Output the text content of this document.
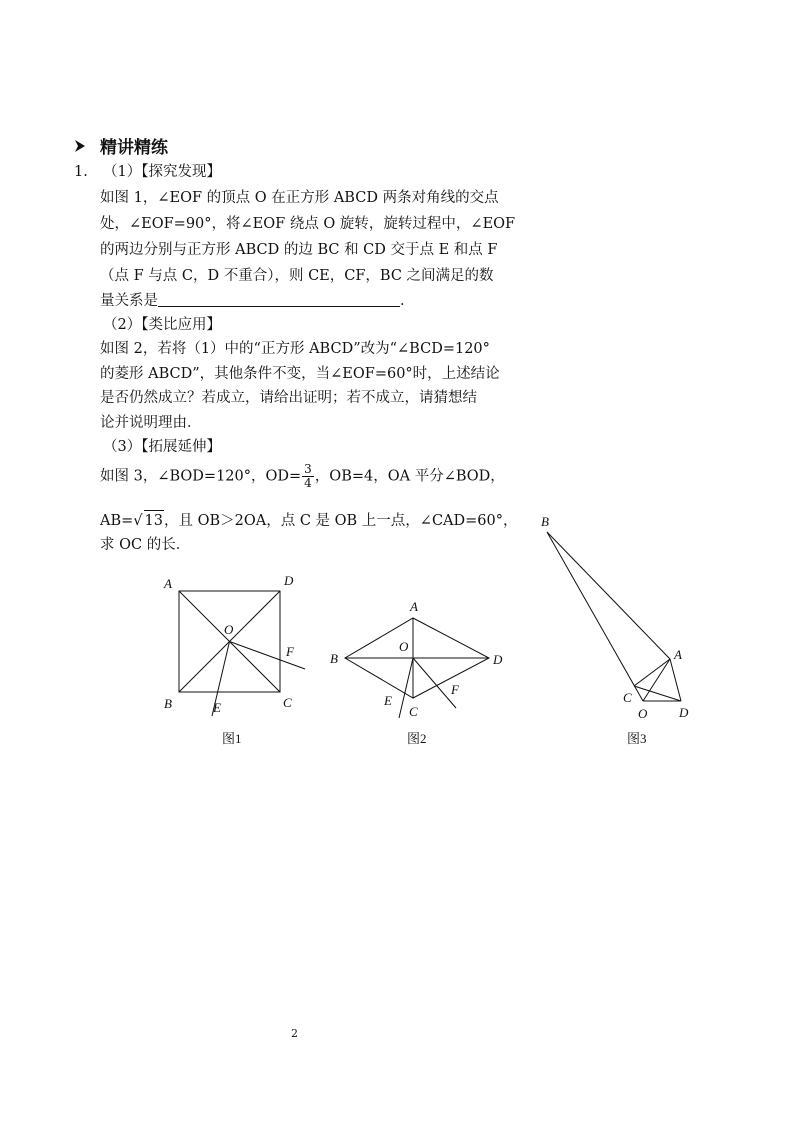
精讲精练
1. （1）【探究发现】
如图 1，∠EOF 的顶点 O 在正方形 ABCD 两条对角线的交点
处，∠EOF=90°，将∠EOF 绕点 O 旋转，旋转过程中，∠EOF
的两边分别与正方形 ABCD 的边 BC 和 CD 交于点 E 和点 F
（点 F 与点 C，D 不重合），则 CE，CF，BC 之间满足的数
量关系是	．
（2）【类比应用】
如图 2，若将（1）中的“正方形 ABCD”改为“∠BCD=120°
的菱形 ABCD”，其他条件不变，当∠EOF=60°时，上述结论
是否仍然成立？若成立，请给出证明；若不成立，请猜想结
论并说明理由．
（3）【拓展延伸】
如图 3，∠BOD=120°，$OD= \frac{3}{4}$ ，OB=4，OA 平分∠BOD，
AB=√ 13，且 OB＞2OA，点 C 是 OB 上一点，∠CAD=60°，
求 OC 的长．
A	D
O
F
B	C
E
图1
A
B
O
D
F
E
C
图2
B
A
C
O D
图3
2
